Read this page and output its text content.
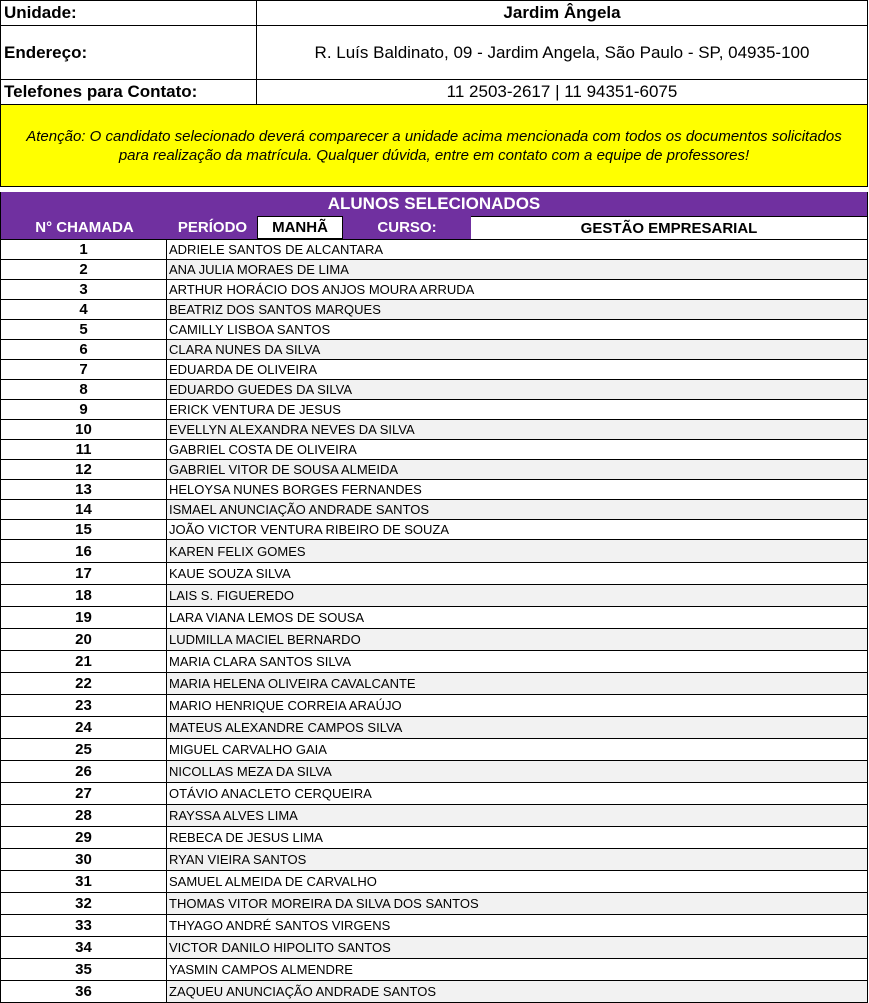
Unidade:	Jardim Ângela
Endereço:	R. Luís Baldinato, 09 - Jardim Angela, São Paulo - SP, 04935-100
Telefones para Contato:	11 2503-2617 | 11 94351-6075
Atenção: O candidato selecionado deverá comparecer a unidade acima mencionada com todos os documentos solicitados para realização da matrícula. Qualquer dúvida, entre em contato com a equipe de professores!
ALUNOS SELECIONADOS
N° CHAMADA	PERÍODO	MANHÃ	CURSO:	GESTÃO EMPRESARIAL
1	ADRIELE SANTOS DE ALCANTARA
2	ANA JULIA MORAES DE LIMA
3	ARTHUR HORÁCIO DOS ANJOS MOURA ARRUDA
4	BEATRIZ DOS SANTOS MARQUES
5	CAMILLY LISBOA SANTOS
6	CLARA NUNES DA SILVA
7	EDUARDA DE OLIVEIRA
8	EDUARDO GUEDES DA SILVA
9	ERICK VENTURA DE JESUS
10	EVELLYN ALEXANDRA NEVES DA SILVA
11	GABRIEL COSTA DE OLIVEIRA
12	GABRIEL VITOR DE SOUSA ALMEIDA
13	HELOYSA NUNES BORGES FERNANDES
14	ISMAEL ANUNCIAÇÃO ANDRADE SANTOS
15	JOÃO VICTOR VENTURA RIBEIRO DE SOUZA
16	KAREN FELIX GOMES
17	KAUE SOUZA SILVA
18	LAIS S. FIGUEREDO
19	LARA VIANA LEMOS DE SOUSA
20	LUDMILLA MACIEL BERNARDO
21	MARIA CLARA SANTOS SILVA
22	MARIA HELENA OLIVEIRA CAVALCANTE
23	MARIO HENRIQUE CORREIA ARAÚJO
24	MATEUS ALEXANDRE CAMPOS SILVA
25	MIGUEL CARVALHO GAIA
26	NICOLLAS MEZA DA SILVA
27	OTÁVIO ANACLETO CERQUEIRA
28	RAYSSA ALVES LIMA
29	REBECA DE JESUS LIMA
30	RYAN VIEIRA SANTOS
31	SAMUEL ALMEIDA DE CARVALHO
32	THOMAS VITOR MOREIRA DA SILVA DOS SANTOS
33	THYAGO ANDRÉ SANTOS VIRGENS
34	VICTOR DANILO HIPOLITO SANTOS
35	YASMIN CAMPOS ALMENDRE
36	ZAQUEU ANUNCIAÇÃO ANDRADE SANTOS
